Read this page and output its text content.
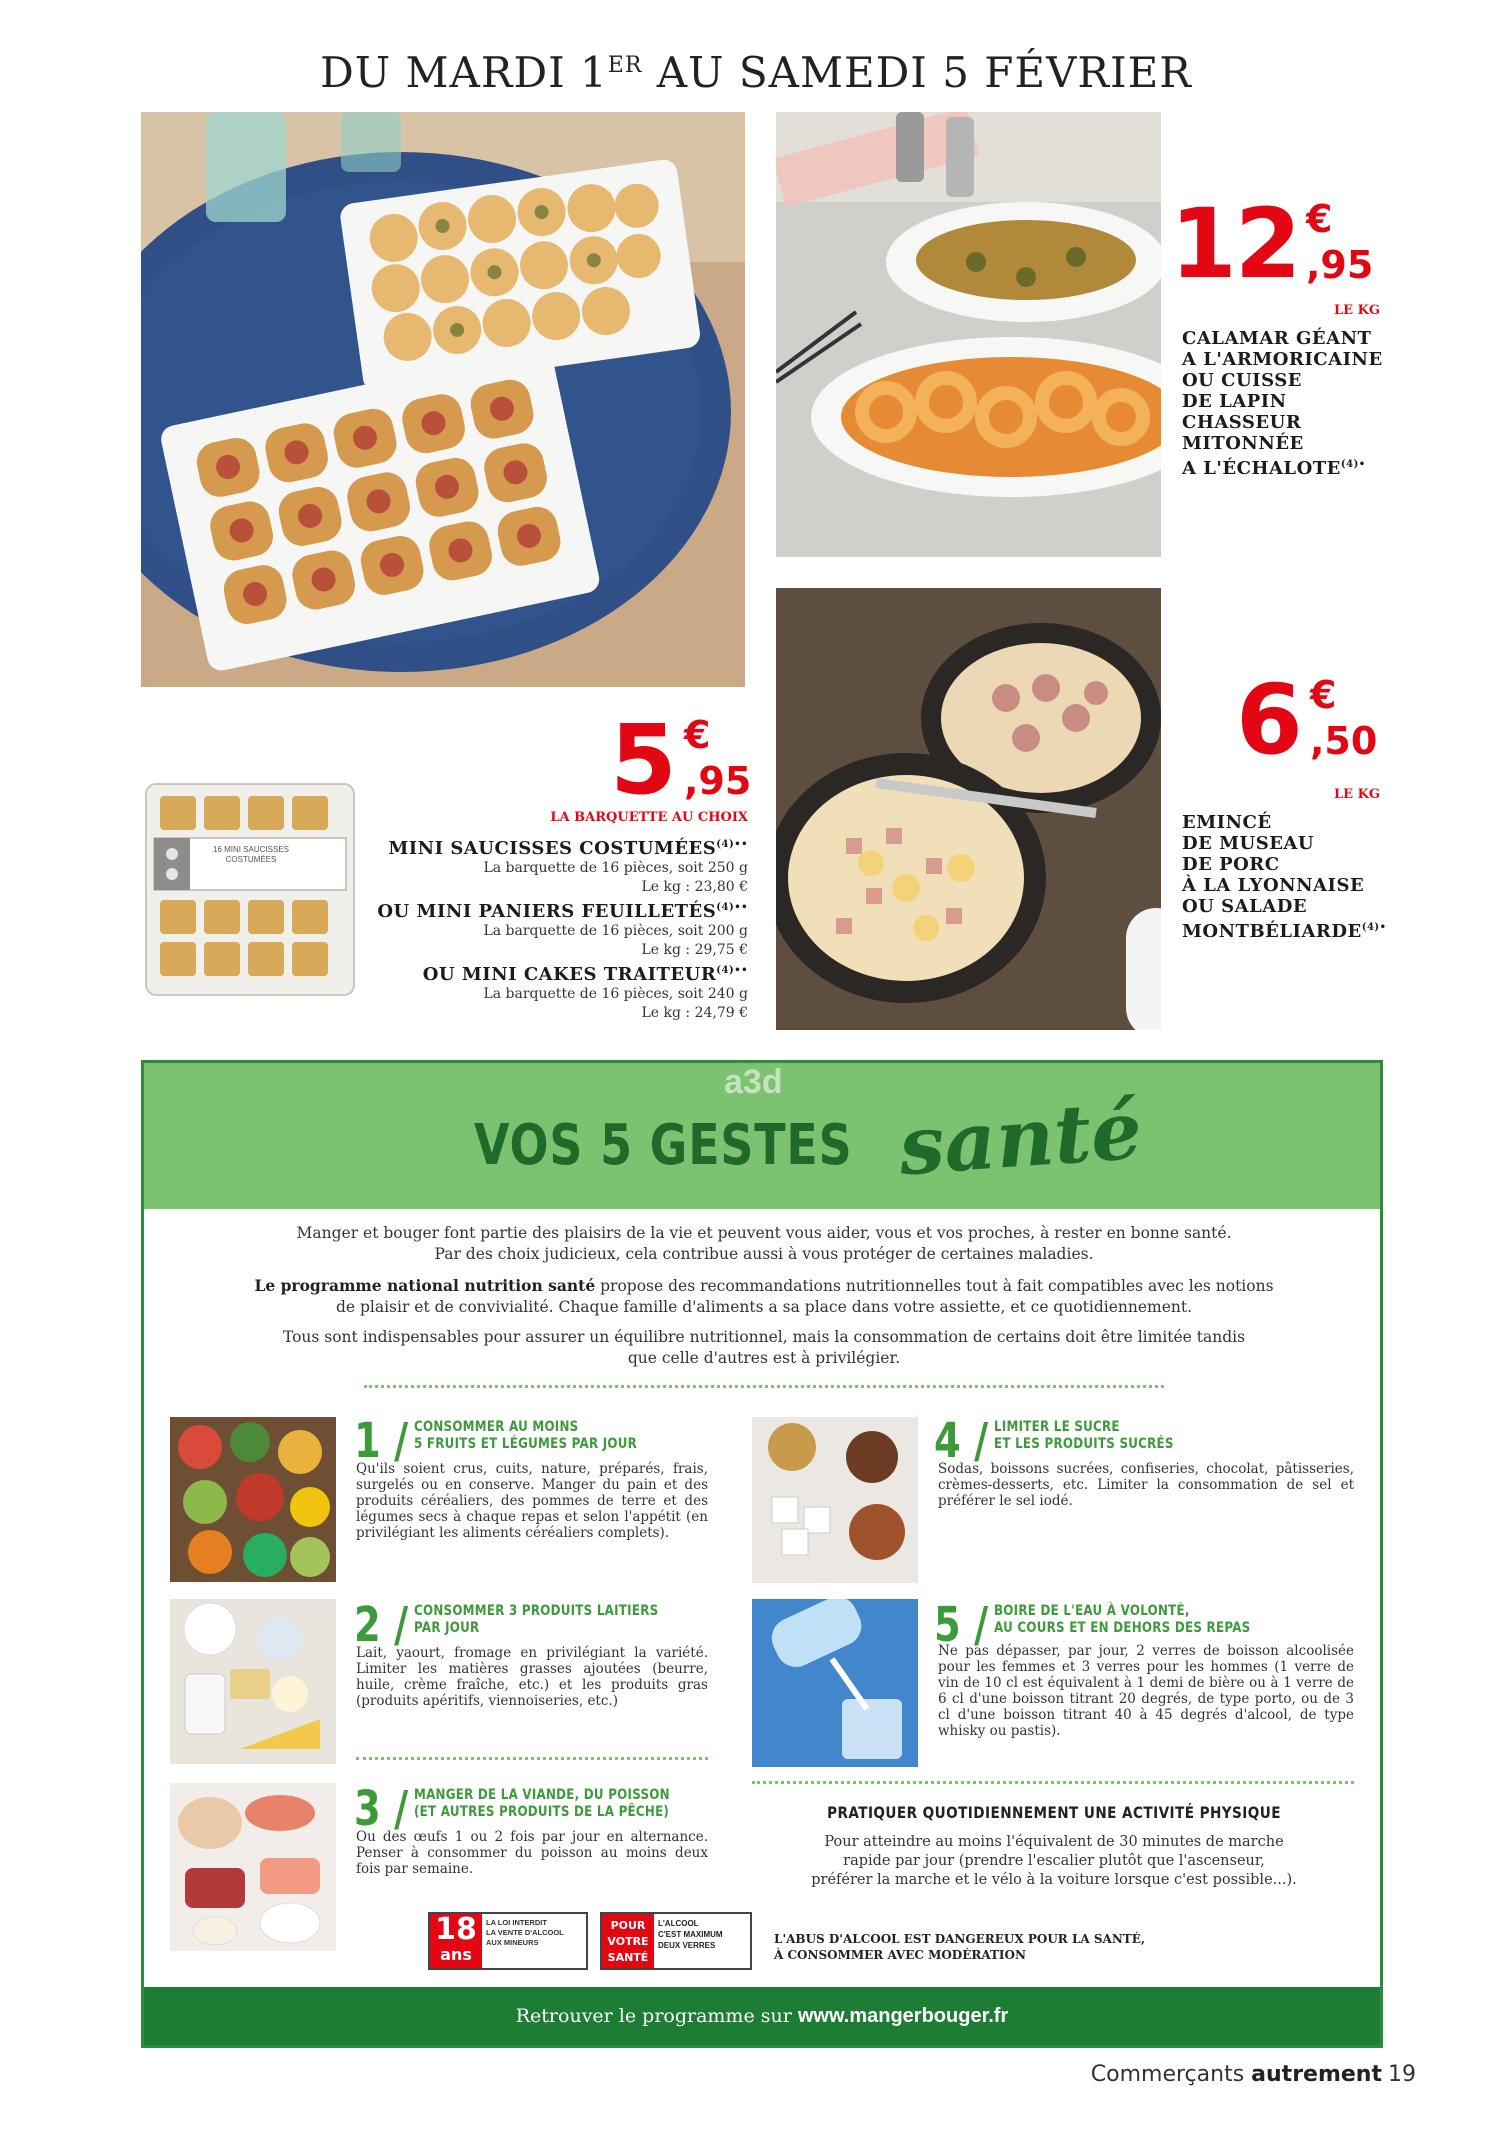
DU MARDI 1ER AU SAMEDI 5 FÉVRIER
12 €
,95
LE KG
CALAMAR GÉANT
A L'ARMORICAINE
OU CUISSE
DE LAPIN
CHASSEUR
MITONNÉE
A $L'ÉCHALOTE^{(4)•}$
6 €
,50
LE KG
EMINCÉ
DE MUSEAU
DE PORC
À LA LYONNAISE
OU SALADE
$MONTBÉLIARDE^{(4)•}$
16 MINI SAUCISSES COSTUMÉES
5 €
,95
LA BARQUETTE AU CHOIX
MINI SAUCISSES $COSTUMÉES^{(4)••}$
La barquette de 16 pièces, soit 250 g
Le kg : 23,80 €
OU MINI PANIERS $FEUILLETÉS^{(4)••}$
La barquette de 16 pièces, soit 200 g
Le kg : 29,75 €
OU MINI CAKES $TRAITEUR^{(4)••}$
La barquette de 16 pièces, soit 240 g
Le kg : 24,79 €
a3d
VOS 5 GESTES santé
Manger et bouger font partie des plaisirs de la vie et peuvent vous aider, vous et vos proches, à rester en bonne santé.
Par des choix judicieux, cela contribue aussi à vous protéger de certaines maladies.
Le programme national nutrition santé propose des recommandations nutritionnelles tout à fait compatibles avec les notions
de plaisir et de convivialité. Chaque famille d'aliments a sa place dans votre assiette, et ce quotidiennement.
Tous sont indispensables pour assurer un équilibre nutritionnel, mais la consommation de certains doit être limitée tandis
que celle d'autres est à privilégier.
1 / CONSOMMER AU MOINS
5 FRUITS ET LÉGUMES PAR JOUR
Qu'ils soient crus, cuits, nature, préparés, frais, surgelés ou en conserve. Manger du pain et des produits céréaliers, des pommes de terre et des légumes secs à chaque repas et selon l'appétit (en privilégiant les aliments céréaliers complets).
2 / CONSOMMER 3 PRODUITS LAITIERS
PAR JOUR
Lait, yaourt, fromage en privilégiant la variété. Limiter les matières grasses ajoutées (beurre, huile, crème fraîche, etc.) et les produits gras (produits apéritifs, viennoiseries, etc.)
3 / MANGER DE LA VIANDE, DU POISSON
(ET AUTRES PRODUITS DE LA PÊCHE)
Ou des œufs 1 ou 2 fois par jour en alternance. Penser à consommer du poisson au moins deux fois par semaine.
4 / LIMITER LE SUCRE
ET LES PRODUITS SUCRÉS
Sodas, boissons sucrées, confiseries, chocolat, pâtisseries, crèmes-desserts, etc. Limiter la consommation de sel et préférer le sel iodé.
5 / BOIRE DE L'EAU À VOLONTÉ,
AU COURS ET EN DEHORS DES REPAS
Ne pas dépasser, par jour, 2 verres de boisson alcoolisée pour les femmes et 3 verres pour les hommes (1 verre de vin de 10 cl est équivalent à 1 demi de bière ou à 1 verre de 6 cl d'une boisson titrant 20 degrés, de type porto, ou de 3 cl d'une boisson titrant 40 à 45 degrés d'alcool, de type whisky ou pastis).
PRATIQUER QUOTIDIENNEMENT UNE ACTIVITÉ PHYSIQUE
Pour atteindre au moins l'équivalent de 30 minutes de marche
rapide par jour (prendre l'escalier plutôt que l'ascenseur,
préférer la marche et le vélo à la voiture lorsque c'est possible...).
18
ans
LA LOI INTERDIT
LA VENTE D'ALCOOL
AUX MINEURS
POUR
VOTRE
SANTÉ
L'ALCOOL
C'EST MAXIMUM
DEUX VERRES	L'ABUS D'ALCOOL EST DANGEREUX POUR LA SANTÉ,
À CONSOMMER AVEC MODÉRATION
Retrouver le programme sur www.mangerbouger.fr
Commerçants autrement 19
